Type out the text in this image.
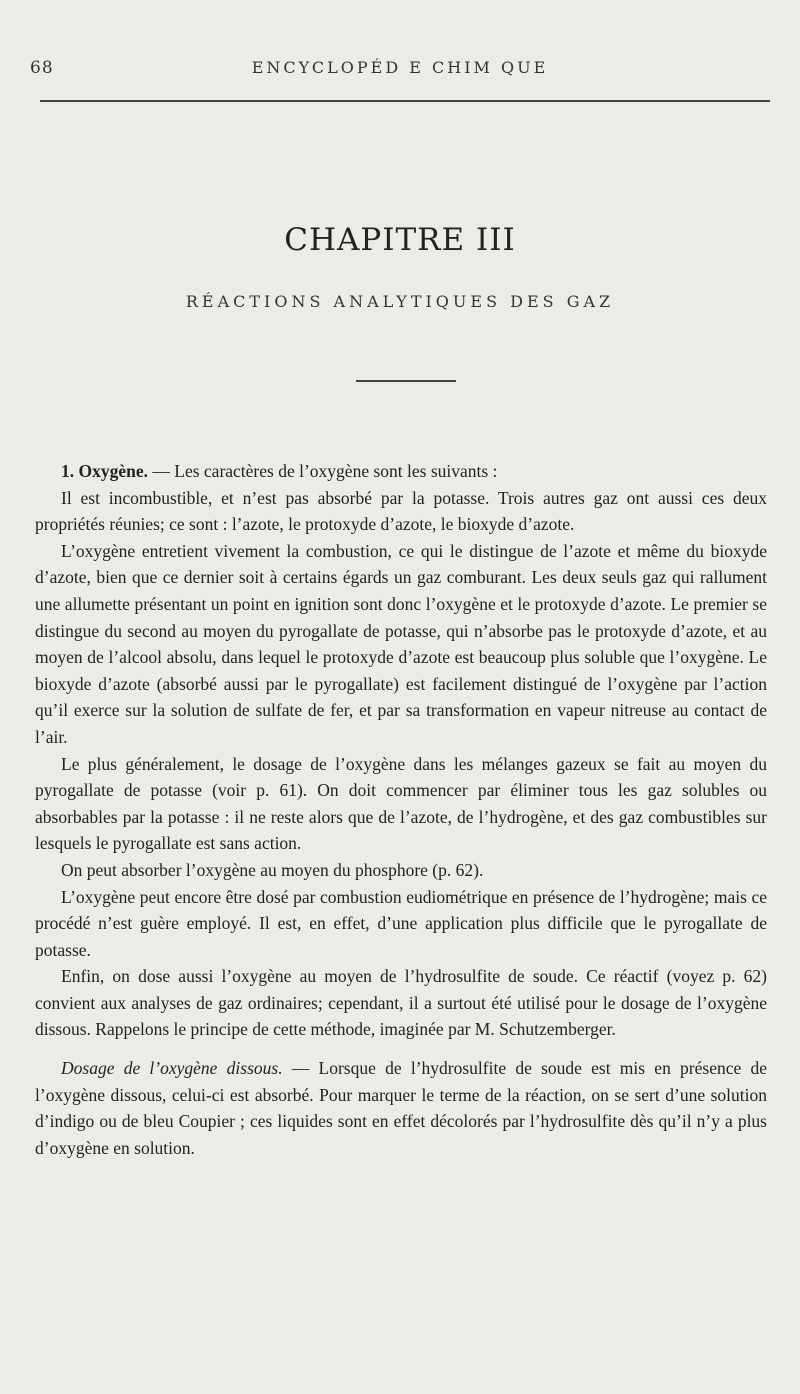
68	ENCYCLOPÉD E CHIM QUE
CHAPITRE III
RÉACTIONS ANALYTIQUES DES GAZ

1. Oxygène. — Les caractères de l’oxygène sont les suivants :

Il est incombustible, et n’est pas absorbé par la potasse. Trois autres gaz ont aussi ces deux propriétés réunies; ce sont : l’azote, le protoxyde d’azote, le bioxyde d’azote.

L’oxygène entretient vivement la combustion, ce qui le distingue de l’azote et même du bioxyde d’azote, bien que ce dernier soit à certains égards un gaz comburant. Les deux seuls gaz qui rallument une allumette présentant un point en ignition sont donc l’oxygène et le protoxyde d’azote. Le premier se distingue du second au moyen du pyrogallate de potasse, qui n’absorbe pas le protoxyde d’azote, et au moyen de l’alcool absolu, dans lequel le protoxyde d’azote est beaucoup plus soluble que l’oxygène. Le bioxyde d’azote (absorbé aussi par le pyrogallate) est facilement distingué de l’oxygène par l’action qu’il exerce sur la solution de sulfate de fer, et par sa transformation en vapeur nitreuse au contact de l’air.

Le plus généralement, le dosage de l’oxygène dans les mélanges gazeux se fait au moyen du pyrogallate de potasse (voir p. 61). On doit commencer par éliminer tous les gaz solubles ou absorbables par la potasse : il ne reste alors que de l’azote, de l’hydrogène, et des gaz combustibles sur lesquels le pyrogallate est sans action.

On peut absorber l’oxygène au moyen du phosphore (p. 62).

L’oxygène peut encore être dosé par combustion eudiométrique en présence de l’hydrogène; mais ce procédé n’est guère employé. Il est, en effet, d’une application plus difficile que le pyrogallate de potasse.

Enfin, on dose aussi l’oxygène au moyen de l’hydrosulfite de soude. Ce réactif (voyez p. 62) convient aux analyses de gaz ordinaires; cependant, il a surtout été utilisé pour le dosage de l’oxygène dissous. Rappelons le principe de cette méthode, imaginée par M. Schutzemberger.

Dosage de l’oxygène dissous. — Lorsque de l’hydrosulfite de soude est mis en présence de l’oxygène dissous, celui-ci est absorbé. Pour marquer le terme de la réaction, on se sert d’une solution d’indigo ou de bleu Coupier ; ces liquides sont en effet décolorés par l’hydrosulfite dès qu’il n’y a plus d’oxygène en solution.
